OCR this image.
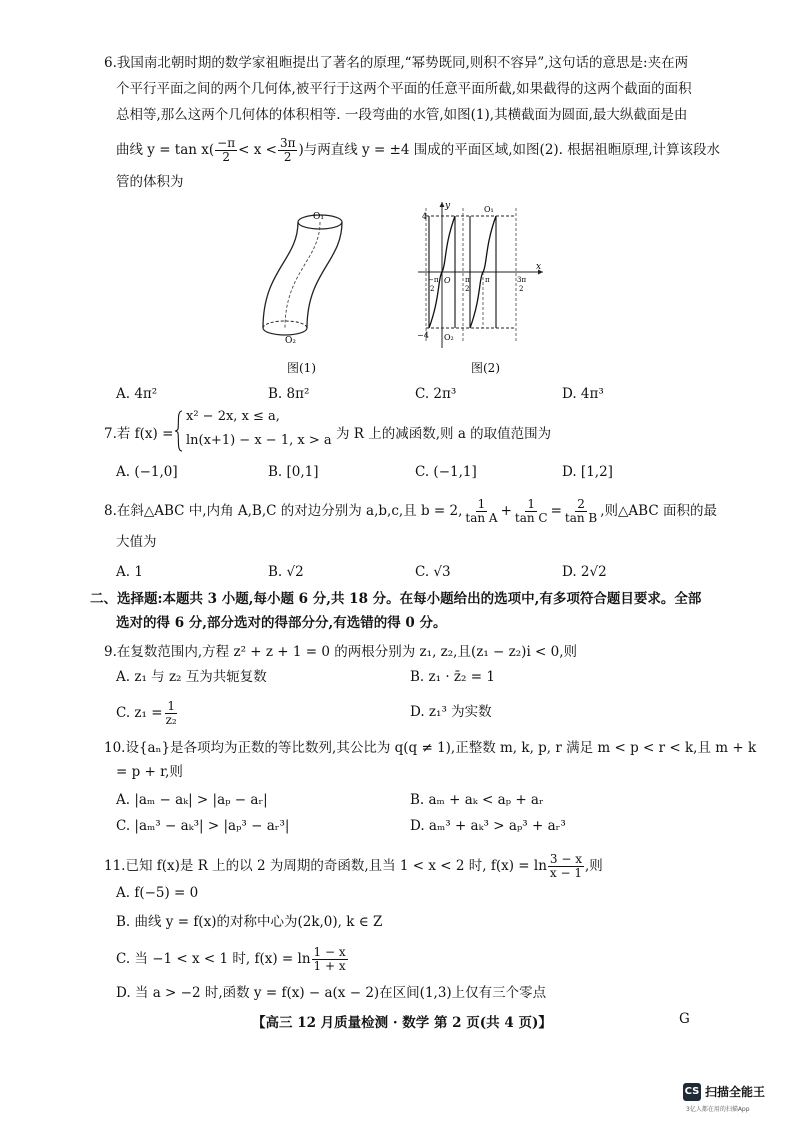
6.我国南北朝时期的数学家祖暅提出了著名的原理,“幂势既同,则积不容异”,这句话的意思是:夹在两
个平行平面之间的两个几何体,被平行于这两个平面的任意平面所截,如果截得的这两个截面的面积
总相等,那么这两个几何体的体积相等. 一段弯曲的水管,如图(1),其横截面为圆面,最大纵截面是由
曲线 $y = \tan x( \frac{-\pi}{2} < x < \frac{3\pi}{2}$ )与两直线 y = ±4 围成的平面区域,如图(2). 根据祖暅原理,计算该段水
管的体积为
O₁
O₂
图(1)
y
x
4
−4
O₁
O₂
O
−π
2
π
2
π	3π
2
图(2)
A. 4π²	B. 8π²	C. 2π³	D. 4π³
7.若 f(x) =
x² − 2x, x ≤ a,
ln(x+1) − x − 1, x > a 为 R 上的减函数,则 a 的取值范围为
A. (−1,0]	B. [0,1]	C. (−1,1]	D. [1,2]
8.在斜△ABC 中,内角 A,B,C 的对边分别为 a,b,c,且 b = 2, $\frac{1}{\text{tan A}} + \frac{1}{\text{tan C}} = \frac{2}{\text{tan B}}$ ,则△ABC 面积的最
大值为
A. 1	B. √2	C. √3	D. 2√2
二、选择题:本题共 3 小题,每小题 6 分,共 18 分。在每小题给出的选项中,有多项符合题目要求。全部
选对的得 6 分,部分选对的得部分分,有选错的得 0 分。
9.在复数范围内,方程 z² + z + 1 = 0 的两根分别为 z₁, z₂,且(z₁ − z₂)i < 0,则
A. z₁ 与 z₂ 互为共轭复数	B. z₁ · z̄₂ = 1
C. $z_1 = \frac{1}{\text{z₂}}$	D. z₁³ 为实数
10.设{aₙ}是各项均为正数的等比数列,其公比为 q(q ≠ 1),正整数 m, k, p, r 满足 m < p < r < k,且 m + k
= p + r,则
A. |aₘ − aₖ| > |aₚ − aᵣ|	B. aₘ + aₖ < aₚ + aᵣ
C. |aₘ³ − aₖ³| > |aₚ³ − aᵣ³|	D. aₘ³ + aₖ³ > aₚ³ + aᵣ³
11.已知 f(x)是 R 上的以 2 为周期的奇函数,且当 1 < x < 2 时, $f(x) = \ln \frac{3 - x}{x - 1}$ ,则
A. f(−5) = 0
B. 曲线 y = f(x)的对称中心为(2k,0), k ∈ Z
C. 当 −1 < x < 1 时, $f(x) = \ln \frac{1 - x}{1 + x}$
D. 当 a > −2 时,函数 y = f(x) − a(x − 2)在区间(1,3)上仅有三个零点
【高三 12 月质量检测 · 数学 第 2 页(共 4 页)】	G
CS 扫描全能王
3亿人都在用的扫描App
